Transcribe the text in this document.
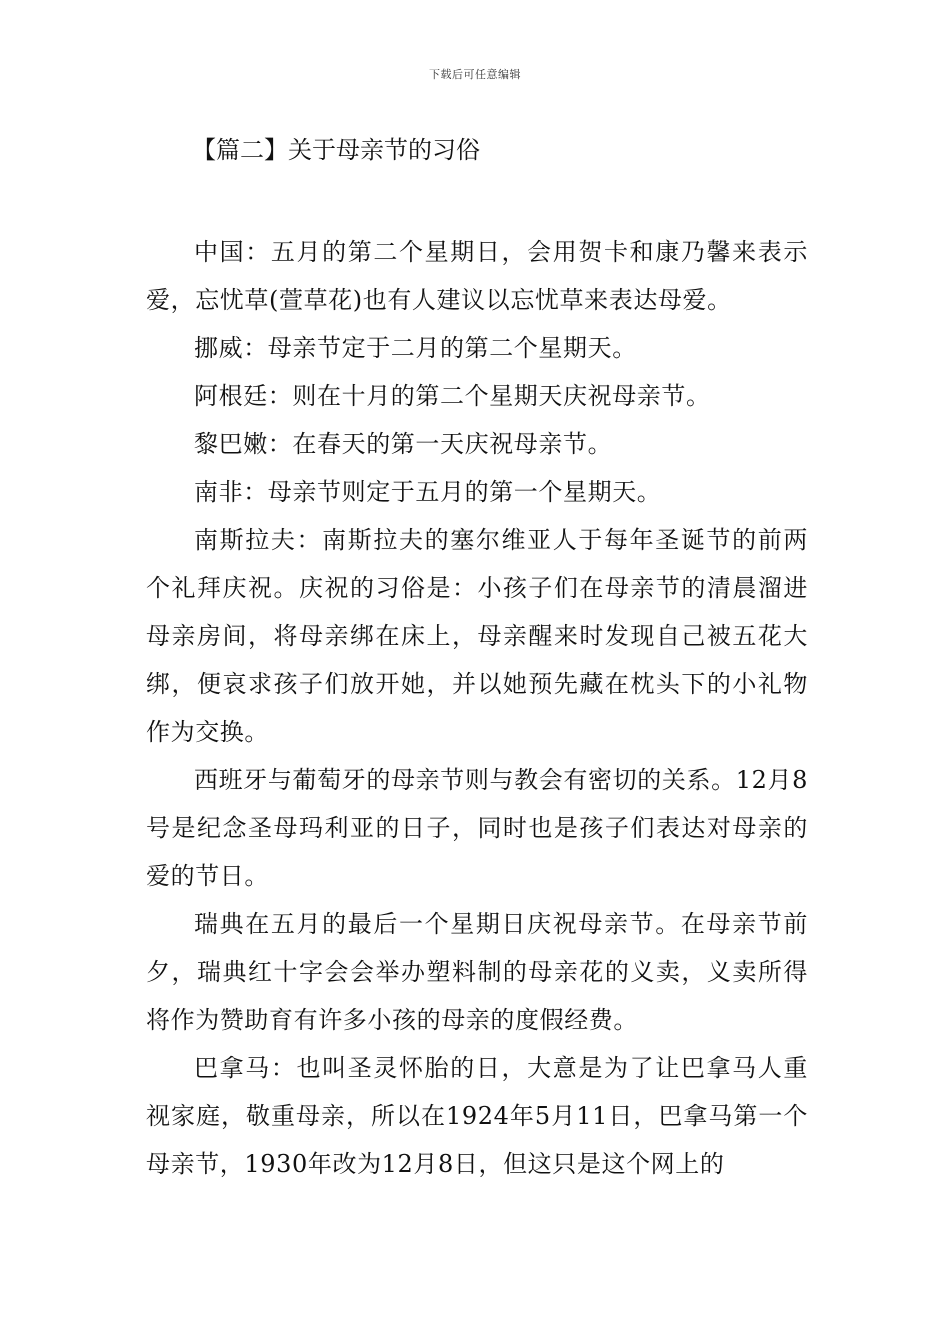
下载后可任意编辑
【篇二】关于母亲节的习俗

中国：五月的第二个星期日，会用贺卡和康乃馨来表示爱，忘忧草(萱草花)也有人建议以忘忧草来表达母爱。

挪威：母亲节定于二月的第二个星期天。

阿根廷：则在十月的第二个星期天庆祝母亲节。

黎巴嫩：在春天的第一天庆祝母亲节。

南非：母亲节则定于五月的第一个星期天。

南斯拉夫：南斯拉夫的塞尔维亚人于每年圣诞节的前两个礼拜庆祝。庆祝的习俗是：小孩子们在母亲节的清晨溜进母亲房间，将母亲绑在床上，母亲醒来时发现自己被五花大绑，便哀求孩子们放开她，并以她预先藏在枕头下的小礼物作为交换。

西班牙与葡萄牙的母亲节则与教会有密切的关系。12月8号是纪念圣母玛利亚的日子，同时也是孩子们表达对母亲的爱的节日。

瑞典在五月的最后一个星期日庆祝母亲节。在母亲节前夕，瑞典红十字会会举办塑料制的母亲花的义卖，义卖所得将作为赞助育有许多小孩的母亲的度假经费。

巴拿马：也叫圣灵怀胎的日，大意是为了让巴拿马人重视家庭，敬重母亲，所以在1924年5月11日，巴拿马第一个母亲节，1930年改为12月8日，但这只是这个网上的
